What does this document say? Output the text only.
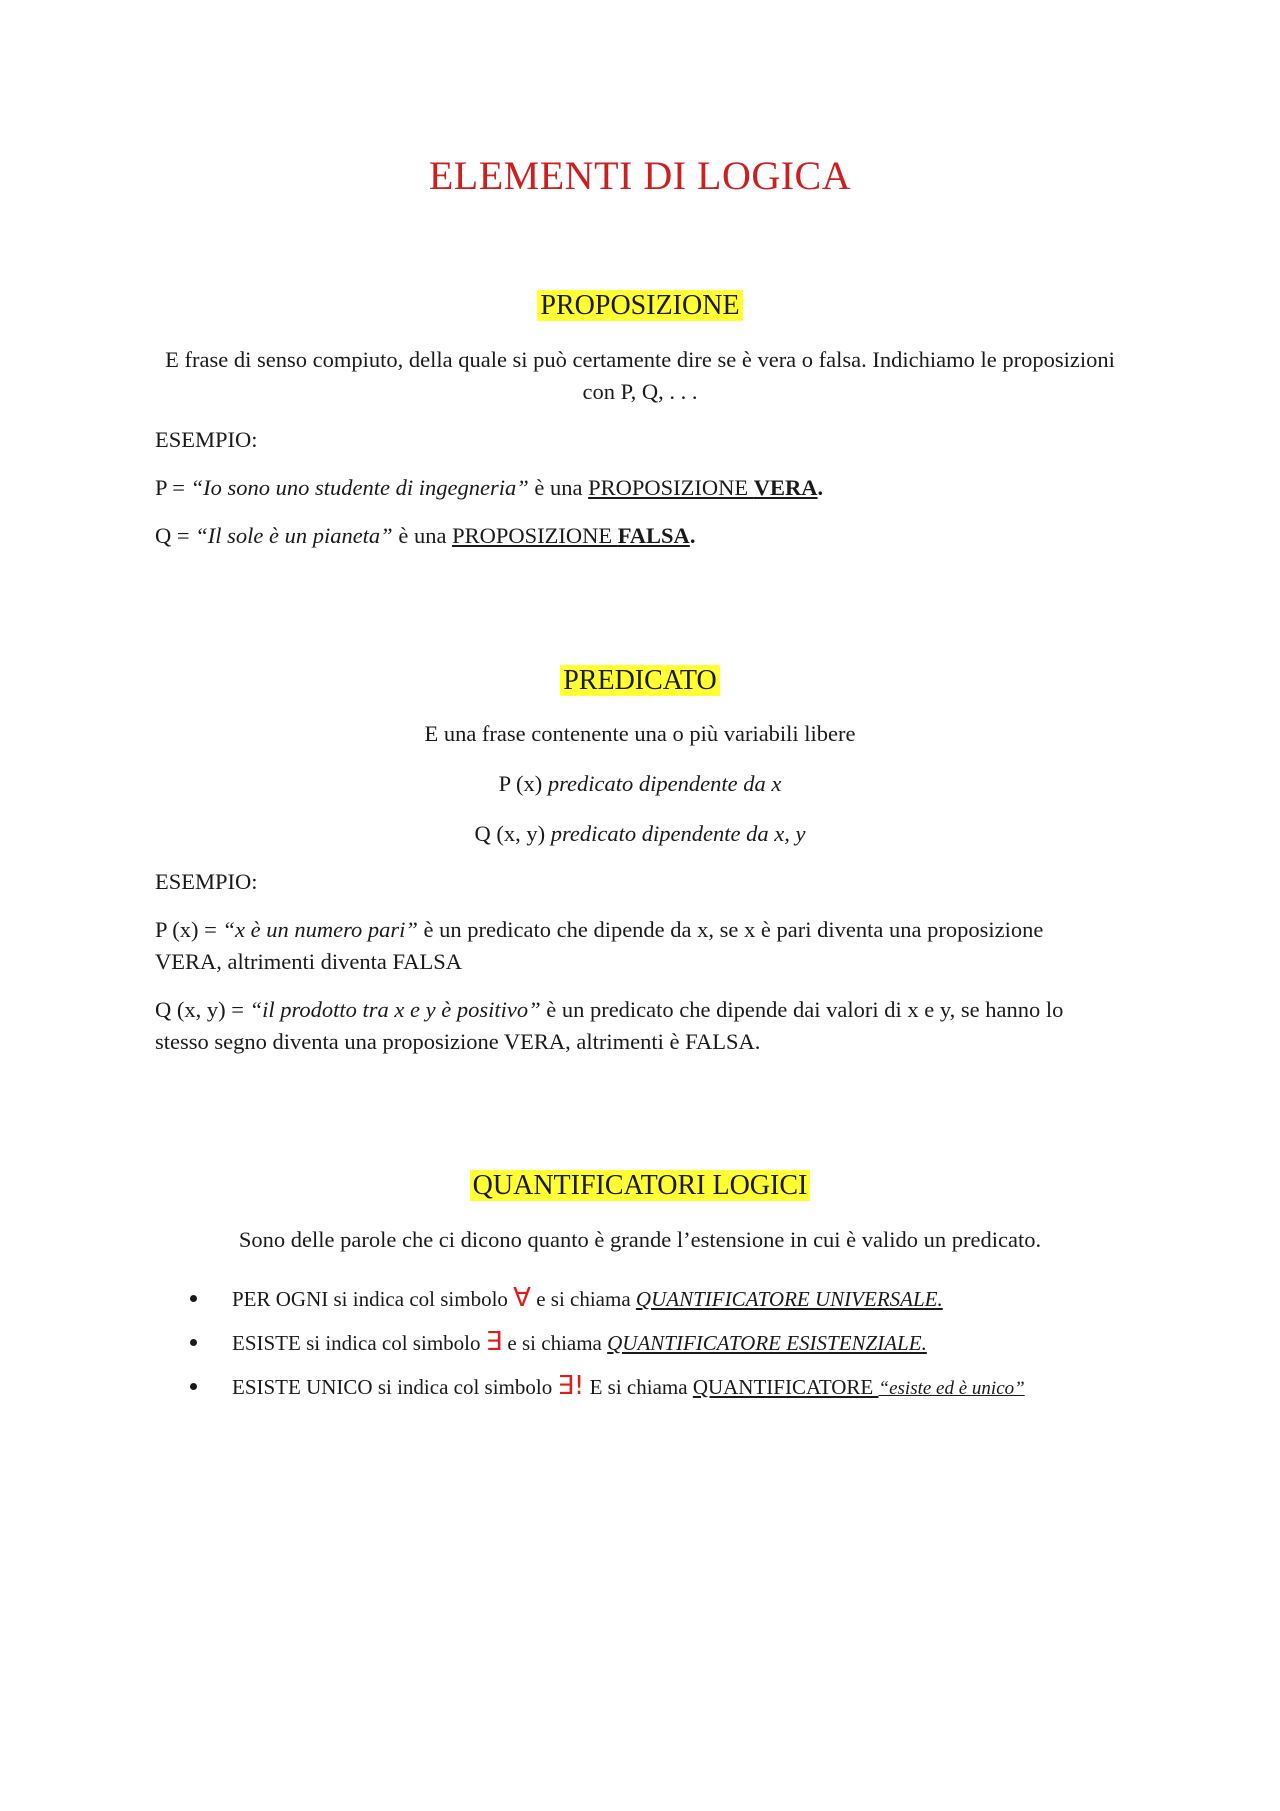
ELEMENTI DI LOGICA
PROPOSIZIONE
E frase di senso compiuto, della quale si può certamente dire se è vera o falsa. Indichiamo le proposizioni con P, Q, . . .
ESEMPIO:
P = “Io sono uno studente di ingegneria” è una PROPOSIZIONE VERA.
Q = “Il sole è un pianeta” è una PROPOSIZIONE FALSA.
PREDICATO
E una frase contenente una o più variabili libere
P (x) predicato dipendente da x
Q (x, y) predicato dipendente da x, y
ESEMPIO:
P (x) = “x è un numero pari” è un predicato che dipende da x, se x è pari diventa una proposizione VERA, altrimenti diventa FALSA
Q (x, y) = “il prodotto tra x e y è positivo” è un predicato che dipende dai valori di x e y, se hanno lo stesso segno diventa una proposizione VERA, altrimenti è FALSA.
QUANTIFICATORI LOGICI
Sono delle parole che ci dicono quanto è grande l’estensione in cui è valido un predicato.
PER OGNI si indica col simbolo ∀ e si chiama QUANTIFICATORE UNIVERSALE.
ESISTE si indica col simbolo ∃ e si chiama QUANTIFICATORE ESISTENZIALE.
ESISTE UNICO si indica col simbolo ∃! E si chiama QUANTIFICATORE “esiste ed è unico”
